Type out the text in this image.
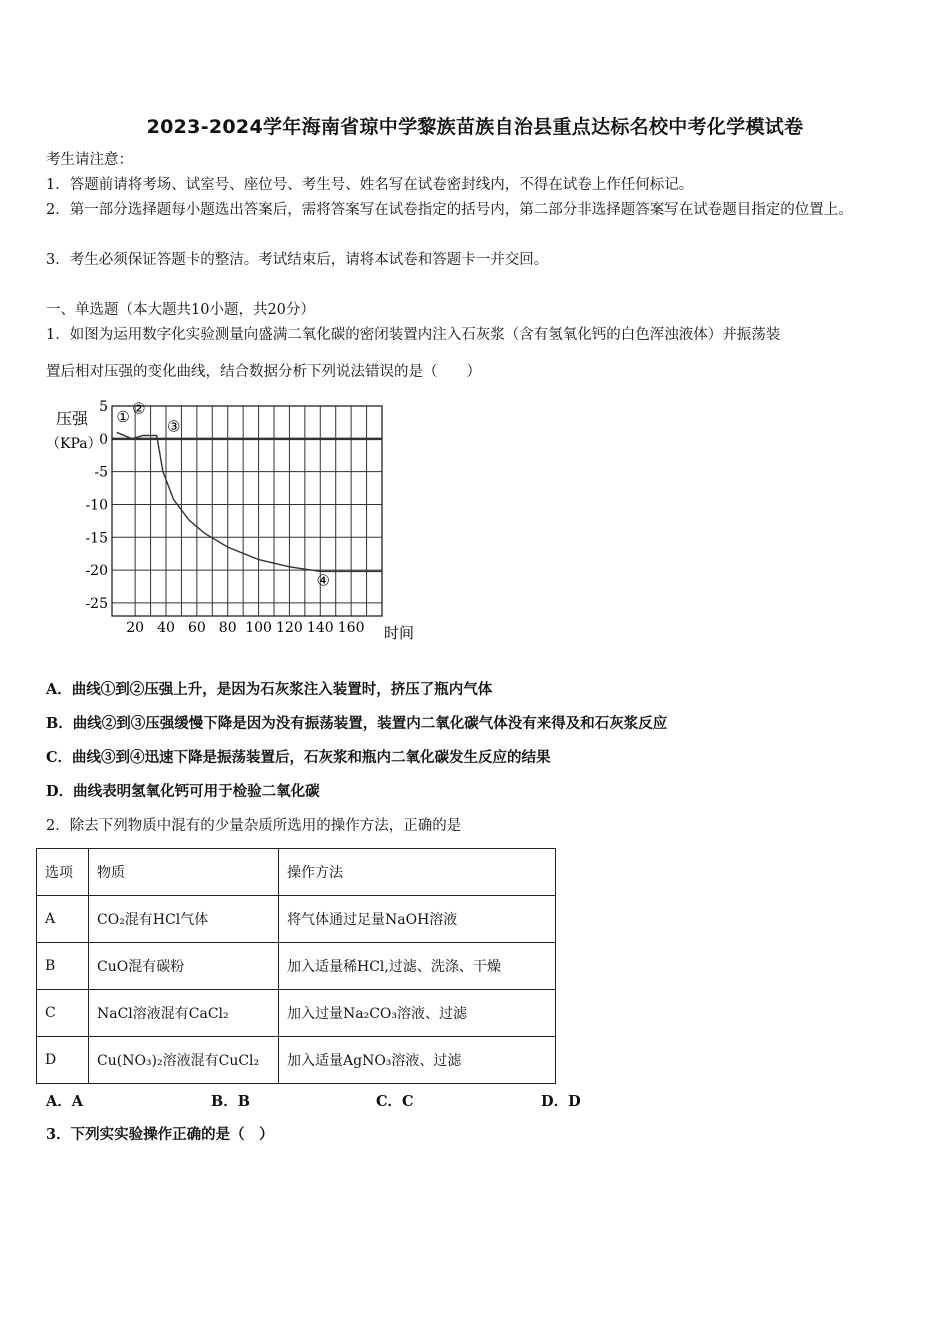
2023-2024学年海南省琼中学黎族苗族自治县重点达标名校中考化学模试卷
考生请注意：
1．答题前请将考场、试室号、座位号、考生号、姓名写在试卷密封线内，不得在试卷上作任何标记。
2．第一部分选择题每小题选出答案后，需将答案写在试卷指定的括号内，第二部分非选择题答案写在试卷题目指定的位置上。
3．考生必须保证答题卡的整洁。考试结束后，请将本试卷和答题卡一并交回。
一、单选题（本大题共10小题，共20分）
1．如图为运用数字化实验测量向盛满二氧化碳的密闭装置内注入石灰浆（含有氢氧化钙的白色浑浊液体）并振荡装
置后相对压强的变化曲线，结合数据分析下列说法错误的是（　　）
5
0
-5
-10
-15
-20
-25
20 40 60 80 100 120 140 160 时间
压强
（KPa）
① ②
③
④
A．曲线①到②压强上升，是因为石灰浆注入装置时，挤压了瓶内气体
B．曲线②到③压强缓慢下降是因为没有振荡装置，装置内二氧化碳气体没有来得及和石灰浆反应
C．曲线③到④迅速下降是振荡装置后，石灰浆和瓶内二氧化碳发生反应的结果
D．曲线表明氢氧化钙可用于检验二氧化碳
2．除去下列物质中混有的少量杂质所选用的操作方法，正确的是
选项	物质	操作方法
A	CO₂混有HCl气体	将气体通过足量NaOH溶液
B	CuO混有碳粉	加入适量稀HCl,过滤、洗涤、干燥
C	NaCl溶液混有CaCl₂	加入过量Na₂CO₃溶液、过滤
D	Cu(NO₃)₂溶液混有CuCl₂	加入适量AgNO₃溶液、过滤
A．A	B．B	C．C	D．D
3．下列实实验操作正确的是（　）
